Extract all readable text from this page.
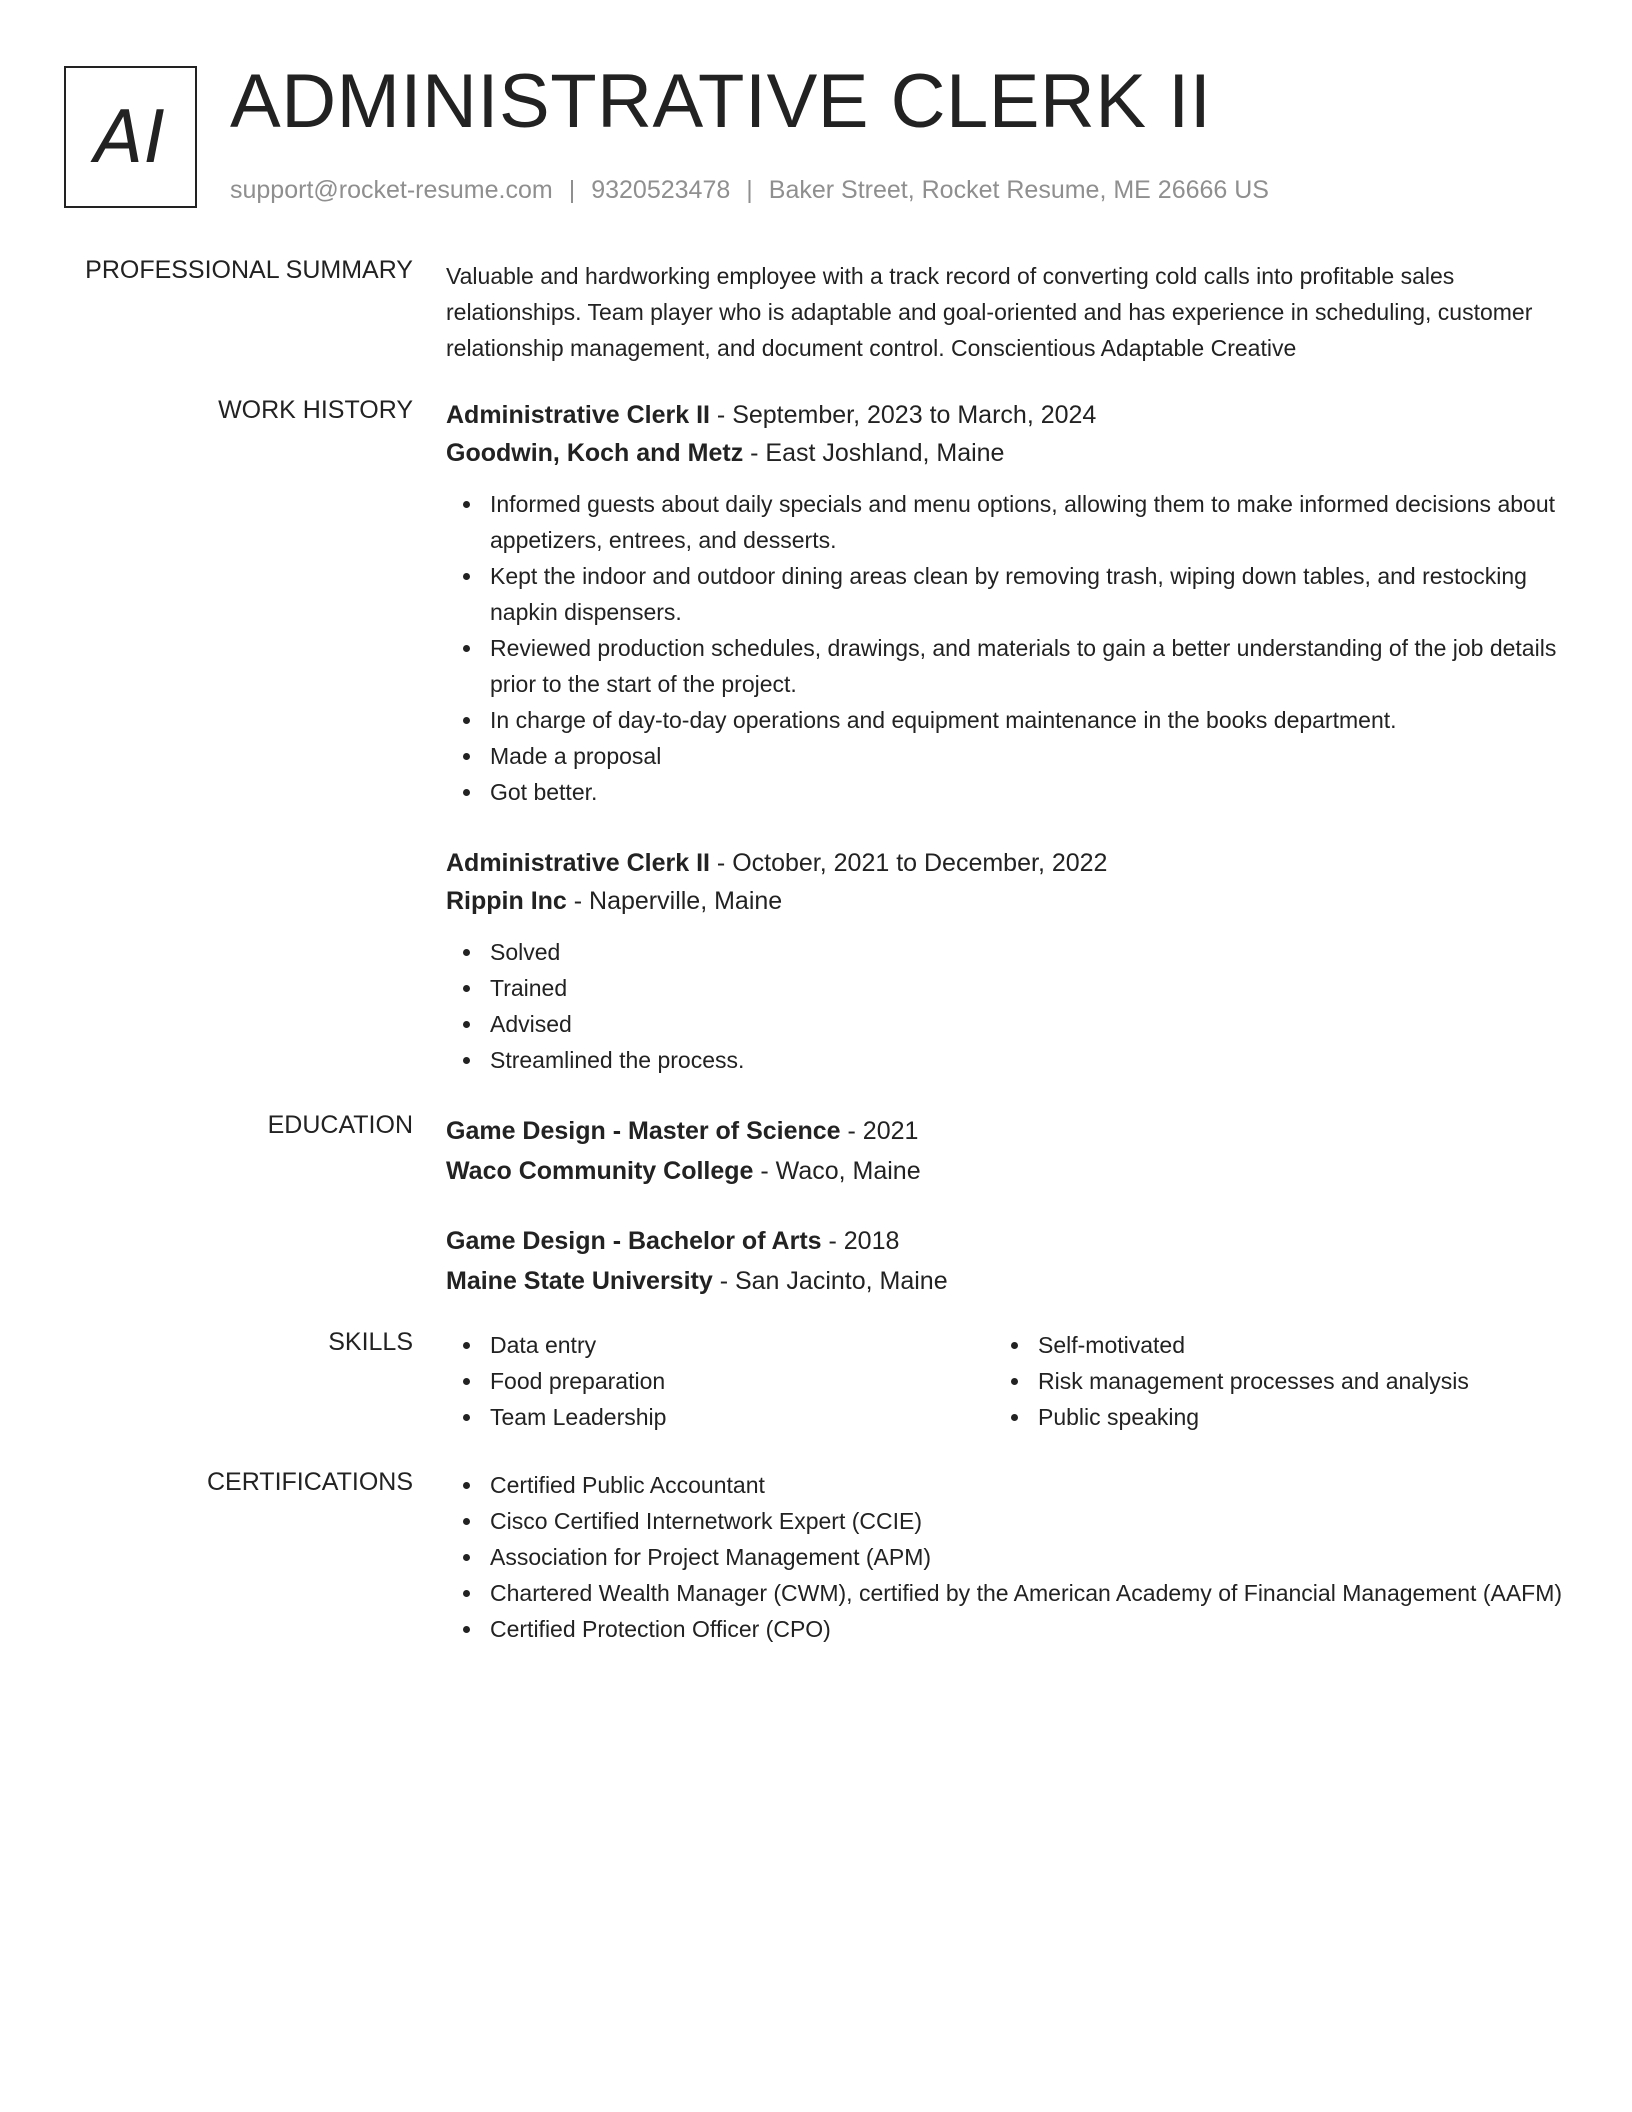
AI ADMINISTRATIVE CLERK II
support@rocket-resume.com | 9320523478 | Baker Street, Rocket Resume, ME 26666 US
PROFESSIONAL SUMMARY Valuable and hardworking employee with a track record of converting cold calls into profitable sales relationships. Team player who is adaptable and goal-oriented and has experience in scheduling, customer relationship management, and document control. Conscientious Adaptable Creative

WORK HISTORY Administrative Clerk II - September, 2023 to March, 2024
Goodwin, Koch and Metz - East Joshland, Maine
Informed guests about daily specials and menu options, allowing them to make informed decisions about appetizers, entrees, and desserts.
Kept the indoor and outdoor dining areas clean by removing trash, wiping down tables, and restocking napkin dispensers.
Reviewed production schedules, drawings, and materials to gain a better understanding of the job details prior to the start of the project.
In charge of day-to-day operations and equipment maintenance in the books department.
Made a proposal
Got better.
Administrative Clerk II - October, 2021 to December, 2022
Rippin Inc - Naperville, Maine
Solved
Trained
Advised
Streamlined the process.
EDUCATION Game Design - Master of Science - 2021
Waco Community College - Waco, Maine
Game Design - Bachelor of Arts - 2018
Maine State University - San Jacinto, Maine
SKILLS	Data entry
Food preparation
Team Leadership
Self-motivated
Risk management processes and analysis
Public speaking
CERTIFICATIONS	Certified Public Accountant
Cisco Certified Internetwork Expert (CCIE)
Association for Project Management (APM)
Chartered Wealth Manager (CWM), certified by the American Academy of Financial Management (AAFM)
Certified Protection Officer (CPO)
